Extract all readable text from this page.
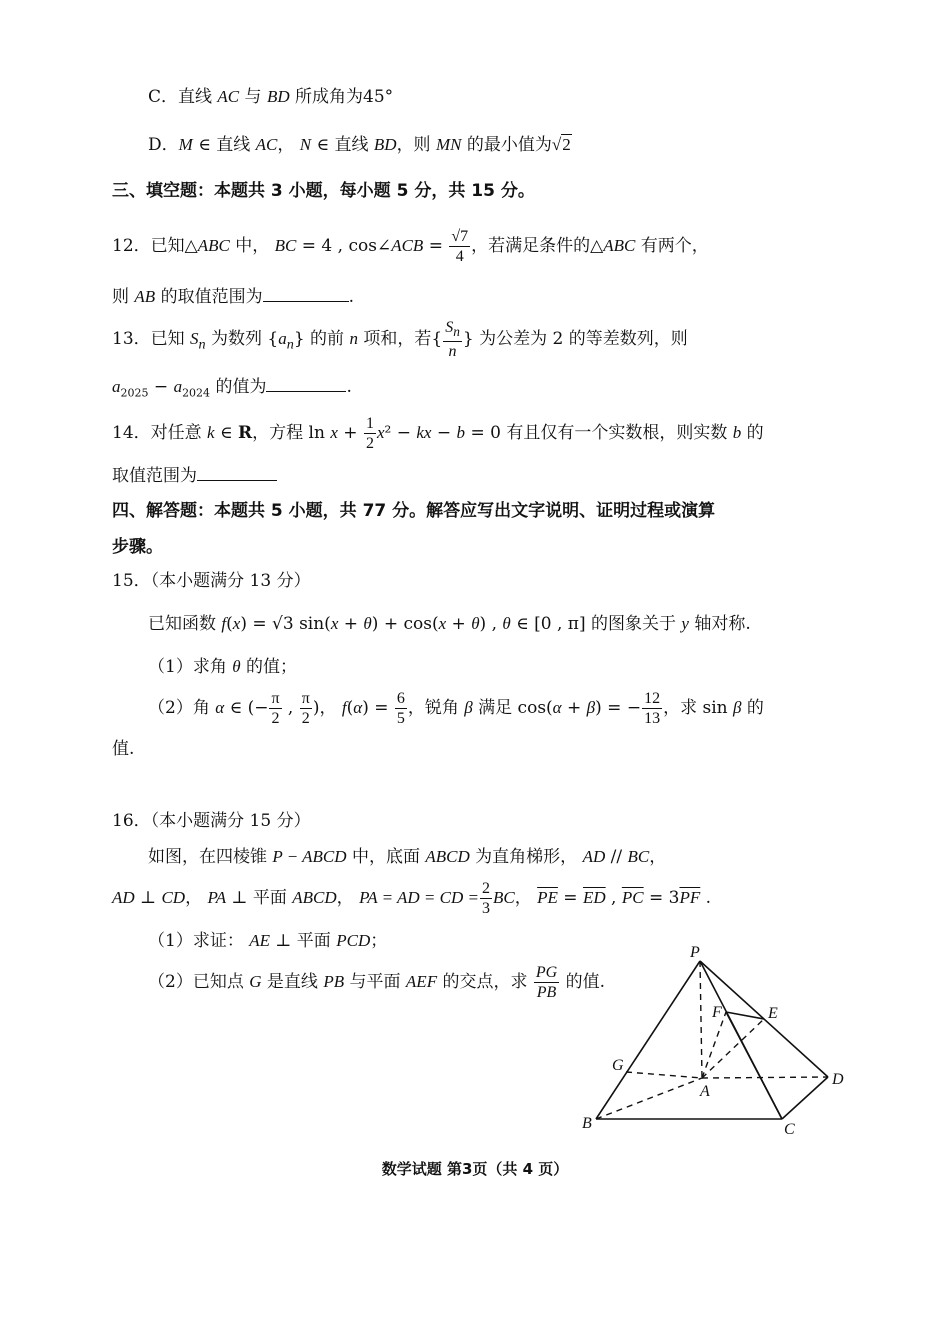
C．直线 AC 与 BD 所成角为45°
D．M ∈ 直线 AC， N ∈ 直线 BD，则 MN 的最小值为√2
三、填空题：本题共 3 小题，每小题 5 分，共 15 分。
12．已知△ABC 中， BC = 4 , cos∠ACB = $\frac{√7}{4}$ ，若满足条件的△ABC 有两个，
则 AB 的取值范围为	.
13．已知 $S_n$ 为数列 $\{a_n\}$ 的前 n 项和，若{ $\frac{S_n}{n}$ } 为公差为 2 的等差数列，则
$a_{2025} - a_{2024}$ 的值为	.
14．对任意 k ∈ R，方程 $\ln x + \frac{1}{2} x^2$ − kx − b = 0 有且仅有一个实数根，则实数 b 的
取值范围为
四、解答题：本题共 5 小题，共 77 分。解答应写出文字说明、证明过程或演算
步骤。
15．（本小题满分 13 分）
已知函数 f(x) = √3 sin(x + θ) + cos(x + θ) , θ ∈ [0 , π] 的图象关于 y 轴对称.
（1）求角 θ 的值；
（2）角 α ∈ (− $\frac{\pi}{2}$ , $\frac{\pi}{2}$ )， $f(\alpha) = \frac{6}{5}$ ，锐角 β 满足 cos(α + β) = − $\frac{12}{13}$ ，求 sin β 的
值.
16．（本小题满分 15 分）
如图，在四棱锥 P − ABCD 中，底面 ABCD 为直角梯形， AD // BC，
AD ⊥ CD， PA ⊥ 平面 ABCD， PA = AD = CD = $\frac{2}{3}$ BC， $\overline{PE} = \overline{ED}$ , $\overline{PC} = 3\overline{PF}$ .
（1）求证： AE ⊥ 平面 PCD；
（2）已知点 G 是直线 PB 与平面 AEF 的交点，求 $\frac{PG}{PB}$ 的值.
P
A
B	C
D
E
F
G
数学试题 第3页（共 4 页）
